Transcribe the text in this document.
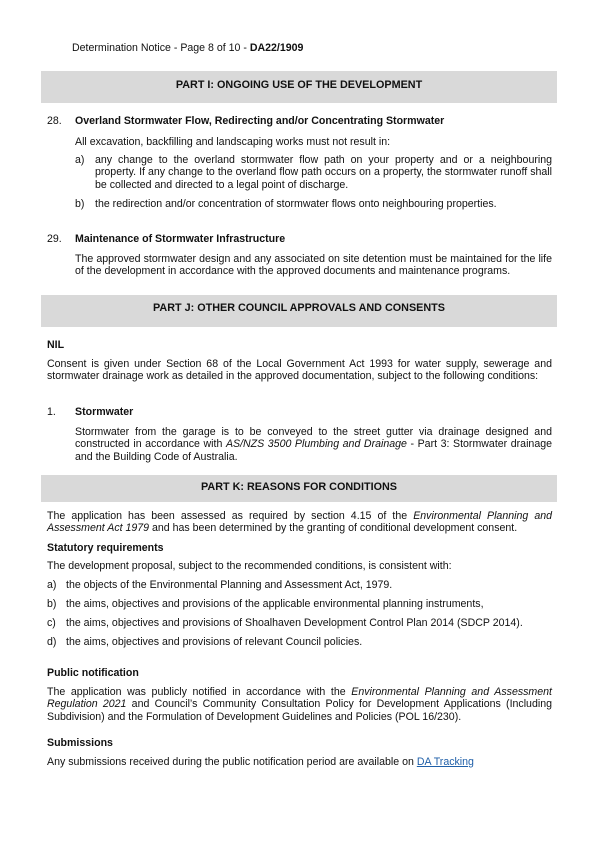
Determination Notice - Page 8 of 10 - DA22/1909
PART I: ONGOING USE OF THE DEVELOPMENT
28. Overland Stormwater Flow, Redirecting and/or Concentrating Stormwater
All excavation, backfilling and landscaping works must not result in:
a) any change to the overland stormwater flow path on your property and or a neighbouring property. If any change to the overland flow path occurs on a property, the stormwater runoff shall be collected and directed to a legal point of discharge.
b) the redirection and/or concentration of stormwater flows onto neighbouring properties.
29. Maintenance of Stormwater Infrastructure
The approved stormwater design and any associated on site detention must be maintained for the life of the development in accordance with the approved documents and maintenance programs.
PART J: OTHER COUNCIL APPROVALS AND CONSENTS
NIL
Consent is given under Section 68 of the Local Government Act 1993 for water supply, sewerage and stormwater drainage work as detailed in the approved documentation, subject to the following conditions:
1. Stormwater
Stormwater from the garage is to be conveyed to the street gutter via drainage designed and constructed in accordance with AS/NZS 3500 Plumbing and Drainage - Part 3: Stormwater drainage and the Building Code of Australia.
PART K: REASONS FOR CONDITIONS
The application has been assessed as required by section 4.15 of the Environmental Planning and Assessment Act 1979 and has been determined by the granting of conditional development consent.
Statutory requirements
The development proposal, subject to the recommended conditions, is consistent with:
a) the objects of the Environmental Planning and Assessment Act, 1979.
b) the aims, objectives and provisions of the applicable environmental planning instruments,
c) the aims, objectives and provisions of Shoalhaven Development Control Plan 2014 (SDCP 2014).
d) the aims, objectives and provisions of relevant Council policies.
Public notification
The application was publicly notified in accordance with the Environmental Planning and Assessment Regulation 2021 and Council’s Community Consultation Policy for Development Applications (Including Subdivision) and the Formulation of Development Guidelines and Policies (POL 16/230).
Submissions
Any submissions received during the public notification period are available on DA Tracking
